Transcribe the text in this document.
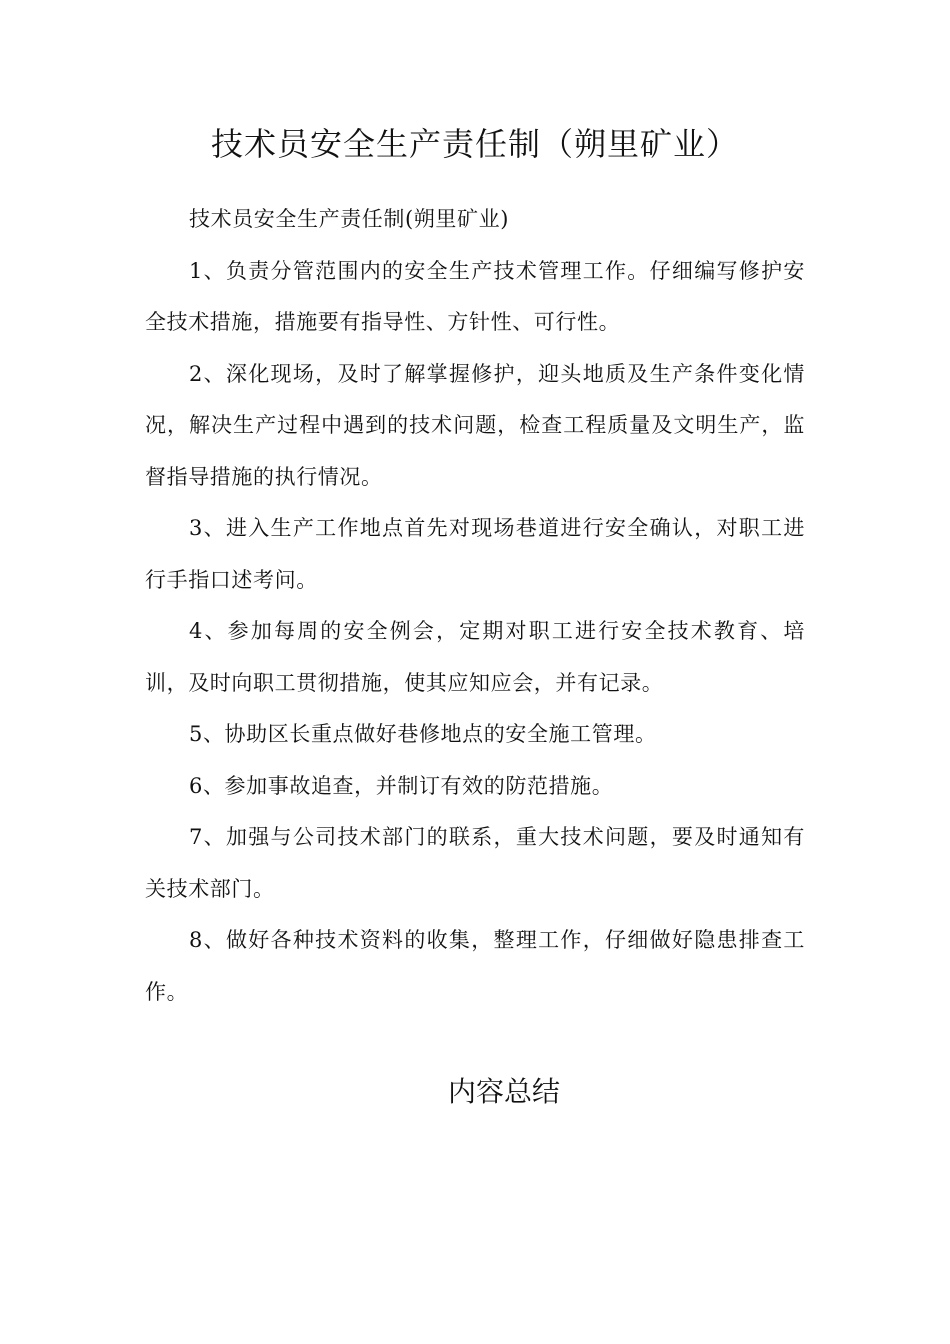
技术员安全生产责任制（朔里矿业）

技术员安全生产责任制(朔里矿业)

1、负责分管范围内的安全生产技术管理工作。仔细编写修护安全技术措施，措施要有指导性、方针性、可行性。

2、深化现场，及时了解掌握修护，迎头地质及生产条件变化情况，解决生产过程中遇到的技术问题，检查工程质量及文明生产，监督指导措施的执行情况。

3、进入生产工作地点首先对现场巷道进行安全确认，对职工进行手指口述考问。

4、参加每周的安全例会，定期对职工进行安全技术教育、培训，及时向职工贯彻措施，使其应知应会，并有记录。

5、协助区长重点做好巷修地点的安全施工管理。

6、参加事故追查，并制订有效的防范措施。

7、加强与公司技术部门的联系，重大技术问题，要及时通知有关技术部门。

8、做好各种技术资料的收集，整理工作，仔细做好隐患排查工作。

内容总结
